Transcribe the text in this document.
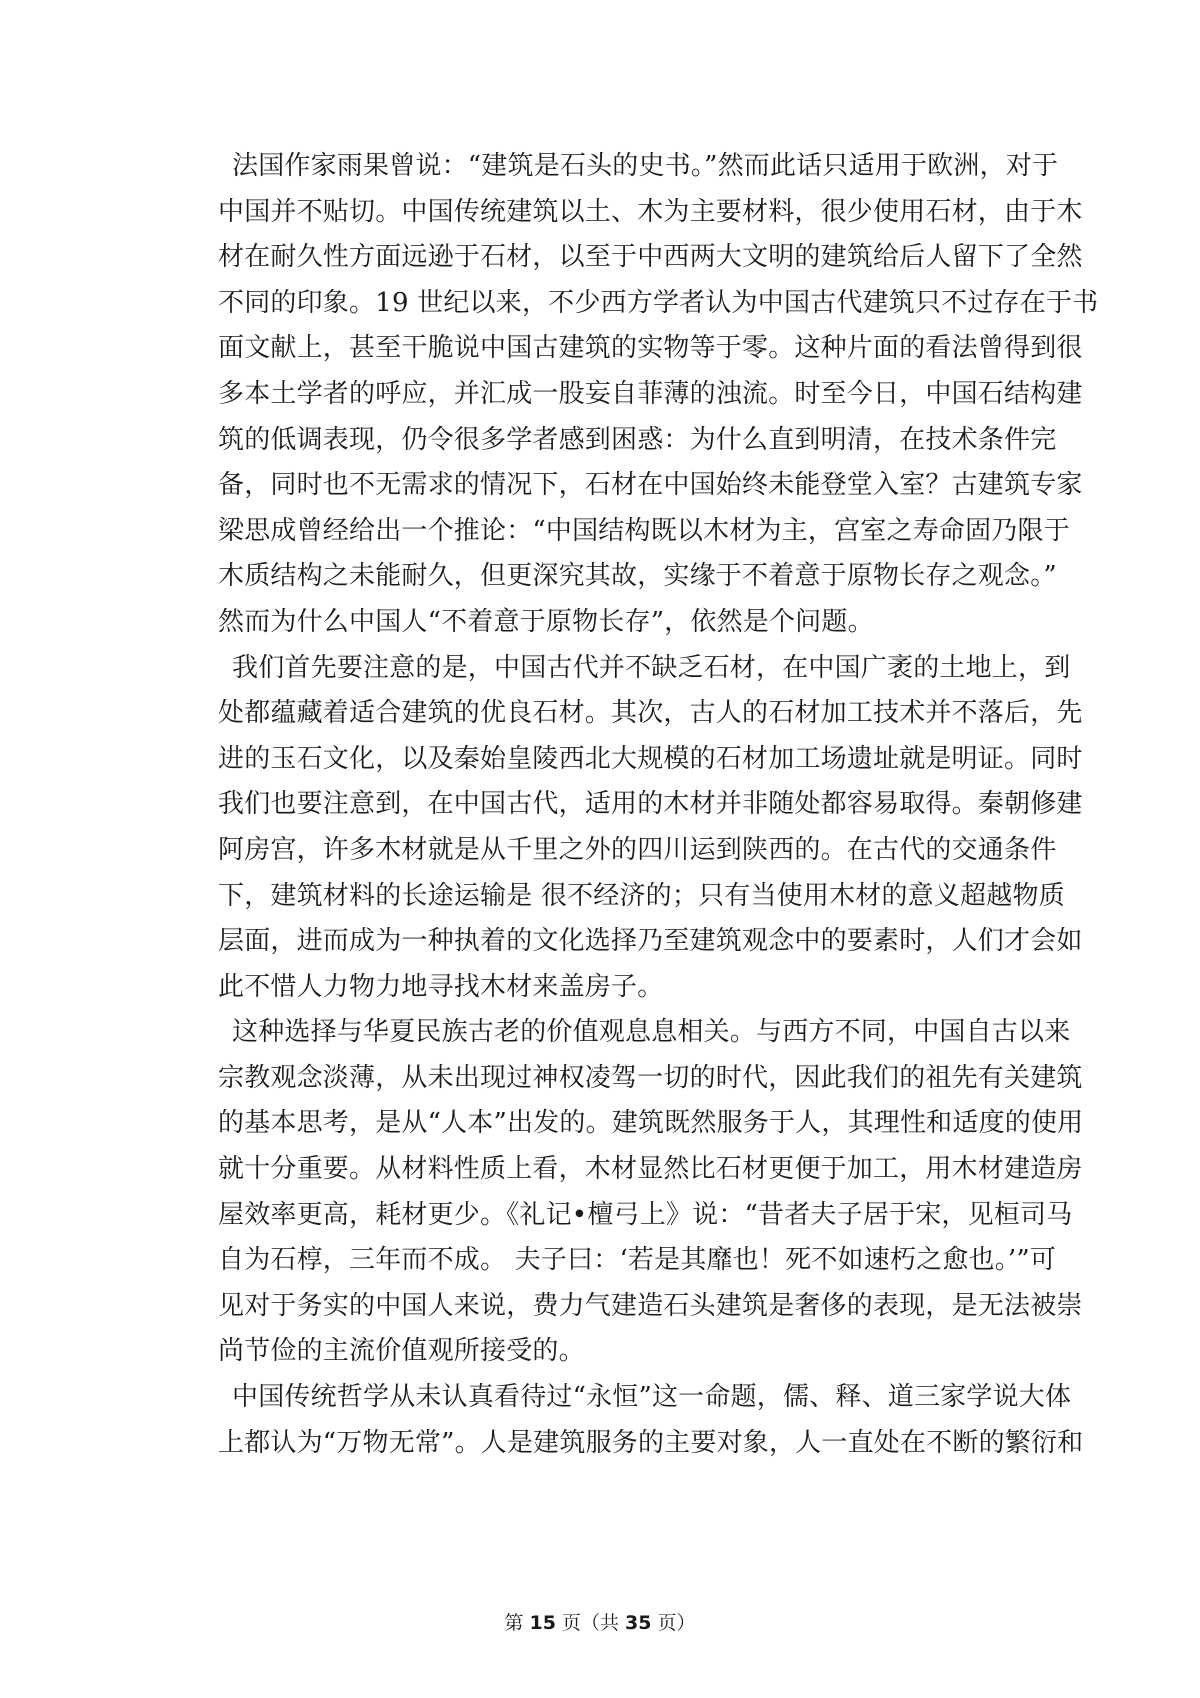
法国作家雨果曾说：“建筑是石头的史书。”然而此话只适用于欧洲，对于
中国并不贴切。中国传统建筑以土、木为主要材料，很少使用石材，由于木
材在耐久性方面远逊于石材，以至于中西两大文明的建筑给后人留下了全然
不同的印象。19 世纪以来，不少西方学者认为中国古代建筑只不过存在于书
面文献上，甚至干脆说中国古建筑的实物等于零。这种片面的看法曾得到很
多本土学者的呼应，并汇成一股妄自菲薄的浊流。时至今日，中国石结构建
筑的低调表现，仍令很多学者感到困惑：为什么直到明清，在技术条件完
备，同时也不无需求的情况下，石材在中国始终未能登堂入室？古建筑专家
梁思成曾经给出一个推论：“中国结构既以木材为主，宫室之寿命固乃限于
木质结构之未能耐久，但更深究其故，实缘于不着意于原物长存之观念。”
然而为什么中国人“不着意于原物长存”，依然是个问题。
我们首先要注意的是，中国古代并不缺乏石材，在中国广袤的土地上，到
处都蕴藏着适合建筑的优良石材。其次，古人的石材加工技术并不落后，先
进的玉石文化，以及秦始皇陵西北大规模的石材加工场遗址就是明证。同时
我们也要注意到，在中国古代，适用的木材并非随处都容易取得。秦朝修建
阿房宫，许多木材就是从千里之外的四川运到陕西的。在古代的交通条件
下，建筑材料的长途运输是 很不经济的；只有当使用木材的意义超越物质
层面，进而成为一种执着的文化选择乃至建筑观念中的要素时，人们才会如
此不惜人力物力地寻找木材来盖房子。
这种选择与华夏民族古老的价值观息息相关。与西方不同，中国自古以来
宗教观念淡薄，从未出现过神权凌驾一切的时代，因此我们的祖先有关建筑
的基本思考，是从“人本”出发的。建筑既然服务于人，其理性和适度的使用
就十分重要。从材料性质上看，木材显然比石材更便于加工，用木材建造房
屋效率更高，耗材更少。《礼记•檀弓上》说：“昔者夫子居于宋，见桓司马
自为石椁，三年而不成。 夫子曰：‘若是其靡也！死不如速朽之愈也。’”可
见对于务实的中国人来说，费力气建造石头建筑是奢侈的表现，是无法被崇
尚节俭的主流价值观所接受的。
中国传统哲学从未认真看待过“永恒”这一命题，儒、释、道三家学说大体
上都认为“万物无常”。人是建筑服务的主要对象，人一直处在不断的繁衍和
第 15 页（共 35 页）
